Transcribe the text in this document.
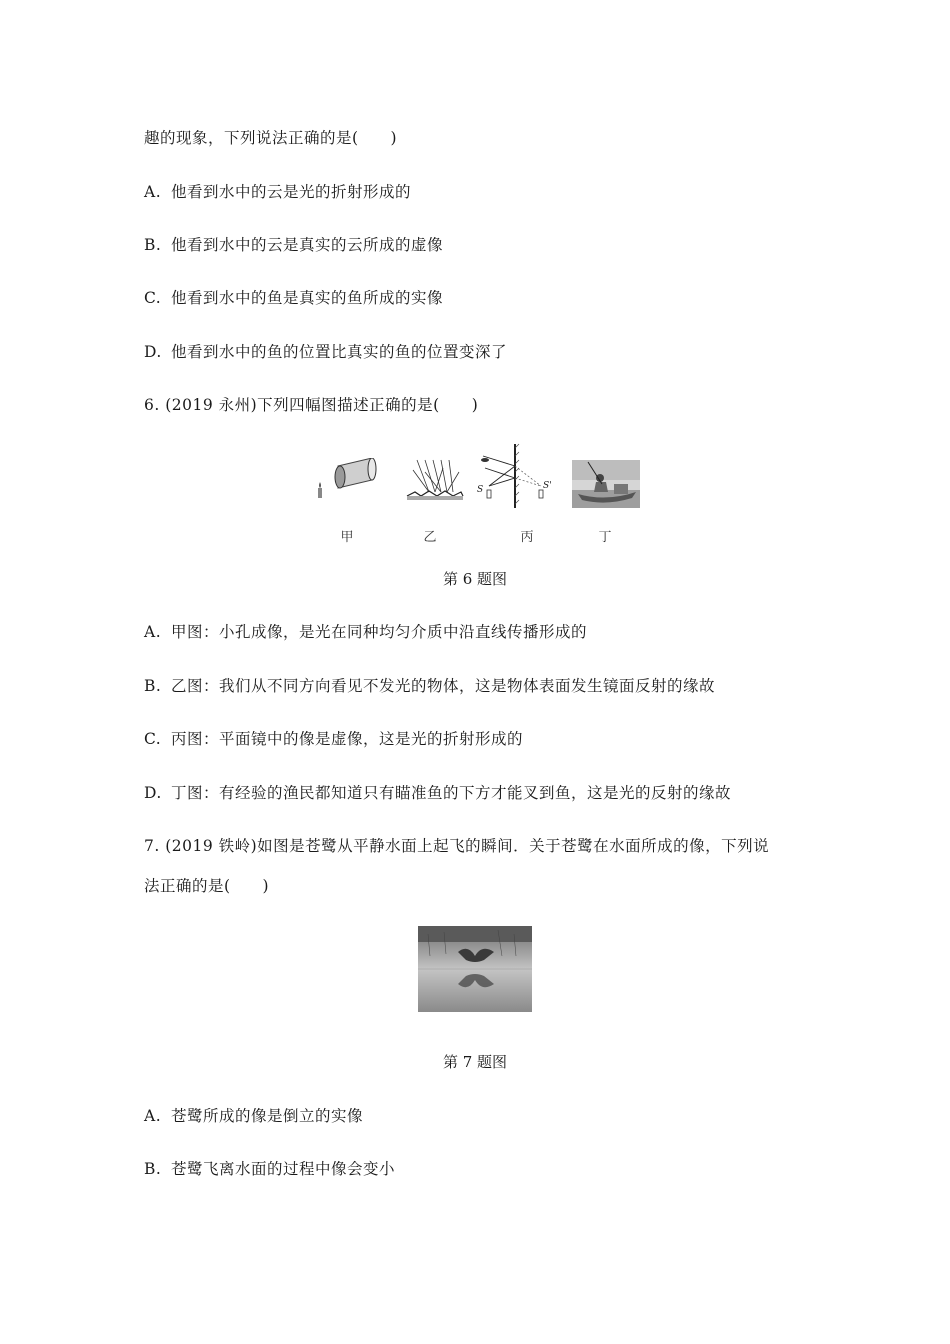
趣的现象，下列说法正确的是(　　)
A. 他看到水中的云是光的折射形成的
B. 他看到水中的云是真实的云所成的虚像
C. 他看到水中的鱼是真实的鱼所成的实像
D. 他看到水中的鱼的位置比真实的鱼的位置变深了
6. (2019 永州)下列四幅图描述正确的是(　　)
甲	乙
S	S'
丙	丁
第 6 题图
A. 甲图：小孔成像，是光在同种均匀介质中沿直线传播形成的
B. 乙图：我们从不同方向看见不发光的物体，这是物体表面发生镜面反射的缘故
C. 丙图：平面镜中的像是虚像，这是光的折射形成的
D. 丁图：有经验的渔民都知道只有瞄准鱼的下方才能叉到鱼，这是光的反射的缘故
7. (2019 铁岭)如图是苍鹭从平静水面上起飞的瞬间．关于苍鹭在水面所成的像，下列说
法正确的是(　　)
第 7 题图
A. 苍鹭所成的像是倒立的实像
B. 苍鹭飞离水面的过程中像会变小
